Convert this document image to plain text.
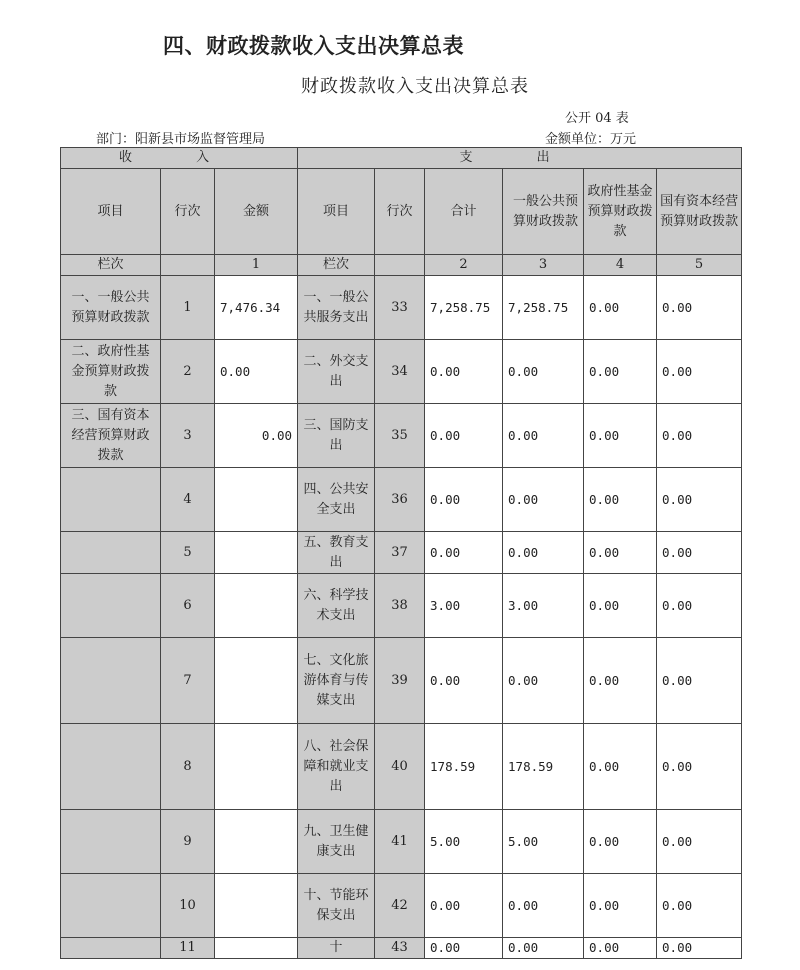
四、财政拨款收入支出决算总表
财政拨款收入支出决算总表
公开 04 表
部门：阳新县市场监督管理局	金额单位：万元
收 入			支 出					
项目	行次	金额	项目	行次	合计	一般公共预算财政拨款	政府性基金预算财政拨款	国有资本经营预算财政拨款
栏次		1	栏次		2	3	4	5
一、一般公共预算财政拨款	1	7,476.34	一、一般公共服务支出	33	7,258.75	7,258.75	0.00	0.00
二、政府性基金预算财政拨款	2	0.00	二、外交支出	34	0.00	0.00	0.00	0.00
三、国有资本经营预算财政拨款	3	0.00	三、国防支出	35	0.00	0.00	0.00	0.00
	4		四、公共安全支出	36	0.00	0.00	0.00	0.00
	5		五、教育支出	37	0.00	0.00	0.00	0.00
	6		六、科学技术支出	38	3.00	3.00	0.00	0.00
	7		七、文化旅游体育与传媒支出	39	0.00	0.00	0.00	0.00
	8		八、社会保障和就业支出	40	178.59	178.59	0.00	0.00
	9		九、卫生健康支出	41	5.00	5.00	0.00	0.00
	10		十、节能环保支出	42	0.00	0.00	0.00	0.00
	11		十	43	0.00	0.00	0.00	0.00
